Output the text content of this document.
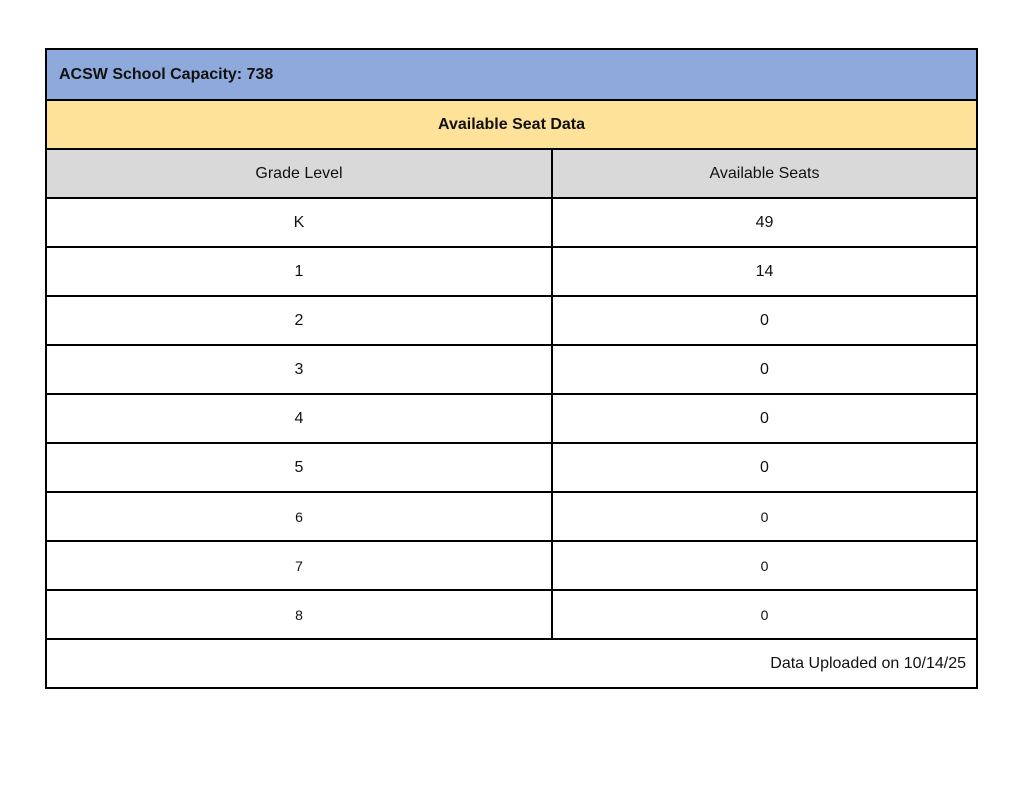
ACSW School Capacity: 738
Available Seat Data
Grade Level	Available Seats
K	49
1	14
2	0
3	0
4	0
5	0
6	0
7	0
8	0
Data Uploaded on 10/14/25
